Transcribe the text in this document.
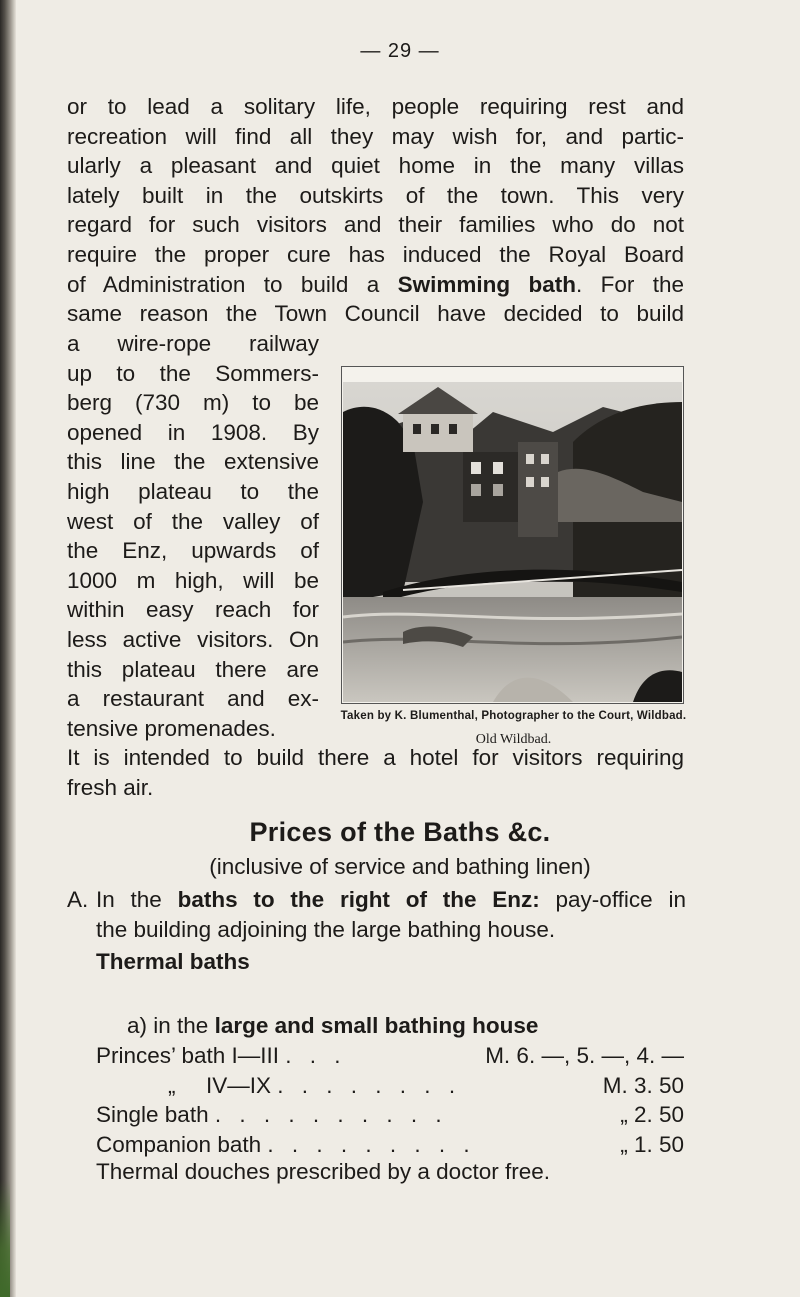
— 29 —
or to lead a solitary life, people requiring rest and
recreation will find all they may wish for, and partic-
ularly a pleasant and quiet home in the many villas
lately built in the outskirts of the town. This very
regard for such visitors and their families who do not
require the proper cure has induced the Royal Board
of Administration to build a Swimming bath. For the
same reason the Town Council have decided to build
a wire-rope railway
up to the Sommers-
berg (730 m) to be
opened in 1908. By
this line the extensive
high plateau to the
west of the valley of
the Enz, upwards of
1000 m high, will be
within easy reach for
less active visitors. On
this plateau there are
a restaurant and ex-
tensive promenades.	Taken by K. Blumenthal, Photographer to the Court, Wildbad.
Old Wildbad.
It is intended to build there a hotel for visitors requiring
fresh air.
Prices of the Baths &c.
(inclusive of service and bathing linen)
A. In the baths to the right of the Enz: pay-office in
the building adjoining the large bathing house.
Thermal baths
a) in the large and small bathing house
Princes’ bath I—III . . .	M. 6. —, 5. —, 4. —
„ IV—IX . . . . . . . .	M. 3. 50
Single bath . . . . . . . . . .	„ 2. 50
Companion bath . . . . . . . . .	„ 1. 50
Thermal douches prescribed by a doctor free.
